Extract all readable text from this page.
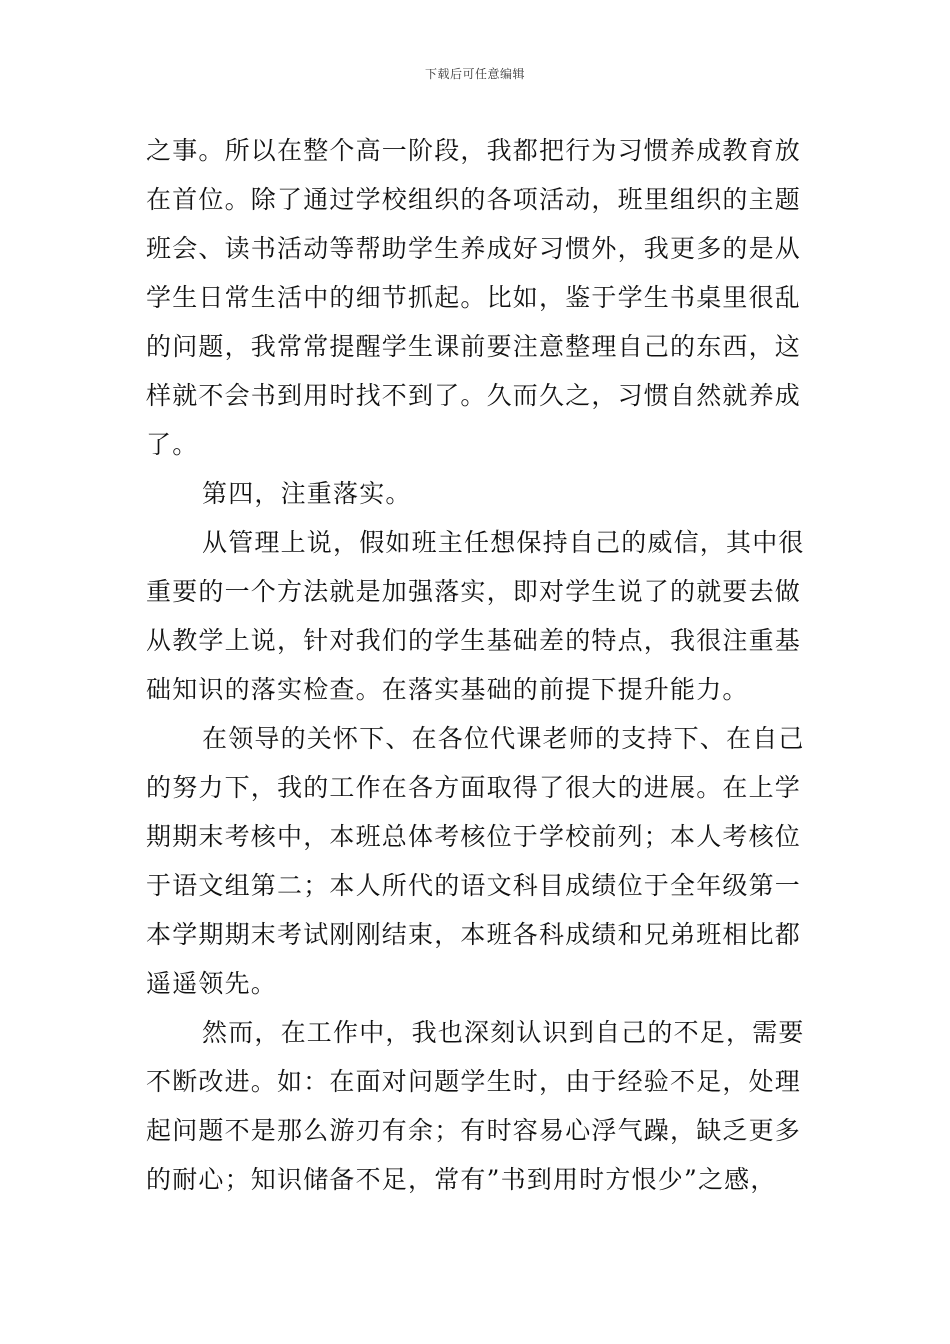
下载后可任意编辑

之事。所以在整个高一阶段，我都把行为习惯养成教育放
在首位。除了通过学校组织的各项活动，班里组织的主题
班会、读书活动等帮助学生养成好习惯外，我更多的是从
学生日常生活中的细节抓起。比如，鉴于学生书桌里很乱
的问题，我常常提醒学生课前要注意整理自己的东西，这
样就不会书到用时找不到了。久而久之，习惯自然就养成
了。

第四，注重落实。

从管理上说，假如班主任想保持自己的威信，其中很
重要的一个方法就是加强落实，即对学生说了的就要去做
从教学上说，针对我们的学生基础差的特点，我很注重基
础知识的落实检查。在落实基础的前提下提升能力。

在领导的关怀下、在各位代课老师的支持下、在自己
的努力下，我的工作在各方面取得了很大的进展。在上学
期期末考核中，本班总体考核位于学校前列；本人考核位
于语文组第二；本人所代的语文科目成绩位于全年级第一
本学期期末考试刚刚结束，本班各科成绩和兄弟班相比都
遥遥领先。

然而，在工作中，我也深刻认识到自己的不足，需要
不断改进。如：在面对问题学生时，由于经验不足，处理
起问题不是那么游刃有余；有时容易心浮气躁，缺乏更多
的耐心；知识储备不足，常有”书到用时方恨少”之感，
